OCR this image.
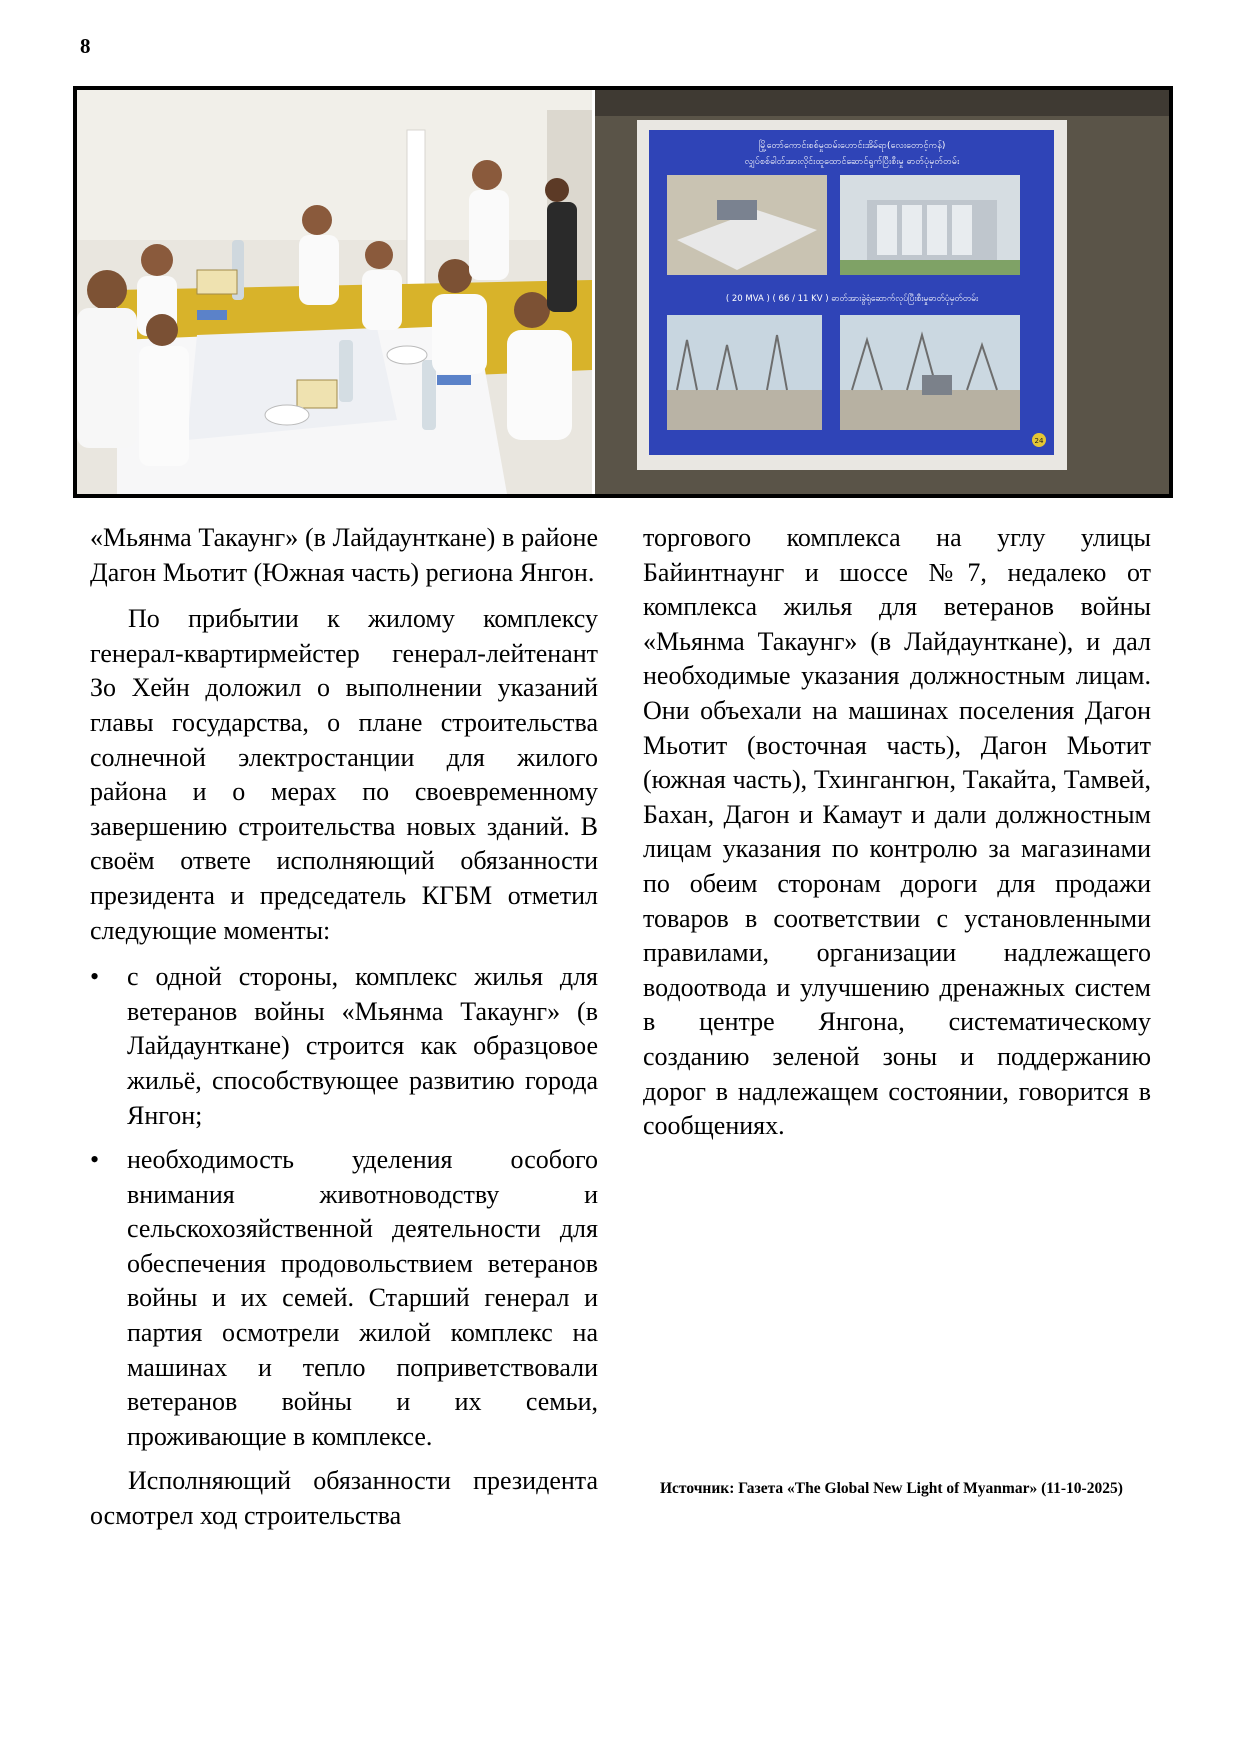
8
မြို့တော်ကောင်းစစ်မှုထမ်းဟောင်းအိမ်ရာ(လေးတောင့်ကန်)
လျှပ်စစ်ဓါတ်အားလိုင်းထူထောင်ဆောင်ရွက်ပြီးစီးမှု ဓာတ်ပုံမှတ်တမ်း
( 20 MVA ) ( 66 / 11 KV ) ဓာတ်အားခွဲရုံဆောက်လုပ်ပြီးစီးမှုဓာတ်ပုံမှတ်တမ်း
24

«Мьянма Такаунг» (в Лайдаунткане) в районе Дагон Мьотит (Южная часть) региона Янгон.

По прибытии к жилому комплексу генерал-квартирмейстер генерал-лейтенант Зо Хейн доложил о выполнении указаний главы государства, о плане строительства солнечной электростанции для жилого района и о мерах по своевременному завершению строительства новых зданий. В своём ответе исполняющий обязанности президента и председатель КГБМ отметил следующие моменты:

• с одной стороны, комплекс жилья для ветеранов войны «Мьянма Такаунг» (в Лайдаунткане) строится как образцовое жильё, способствующее развитию города Янгон;
• необходимость уделения особого внимания животноводству и сельскохозяйственной деятельности для обеспечения продовольствием ветеранов войны и их семей. Старший генерал и партия осмотрели жилой комплекс на машинах и тепло поприветствовали ветеранов войны и их семьи, проживающие в комплексе.

Исполняющий обязанности президента осмотрел ход строительства

торгового комплекса на углу улицы Байинтнаунг и шоссе №7, недалеко от комплекса жилья для ветеранов войны «Мьянма Такаунг» (в Лайдаунткане), и дал необходимые указания должностным лицам. Они объехали на машинах поселения Дагон Мьотит (восточная часть), Дагон Мьотит (южная часть), Тхингангюн, Такайта, Тамвей, Бахан, Дагон и Камаут и дали должностным лицам указания по контролю за магазинами по обеим сторонам дороги для продажи товаров в соответствии с установленными правилами, организации надлежащего водоотвода и улучшению дренажных систем в центре Янгона, систематическому созданию зеленой зоны и поддержанию дорог в надлежащем состоянии, говорится в сообщениях.

Источник: Газета «The Global New Light of Myanmar» (11-10-2025)
